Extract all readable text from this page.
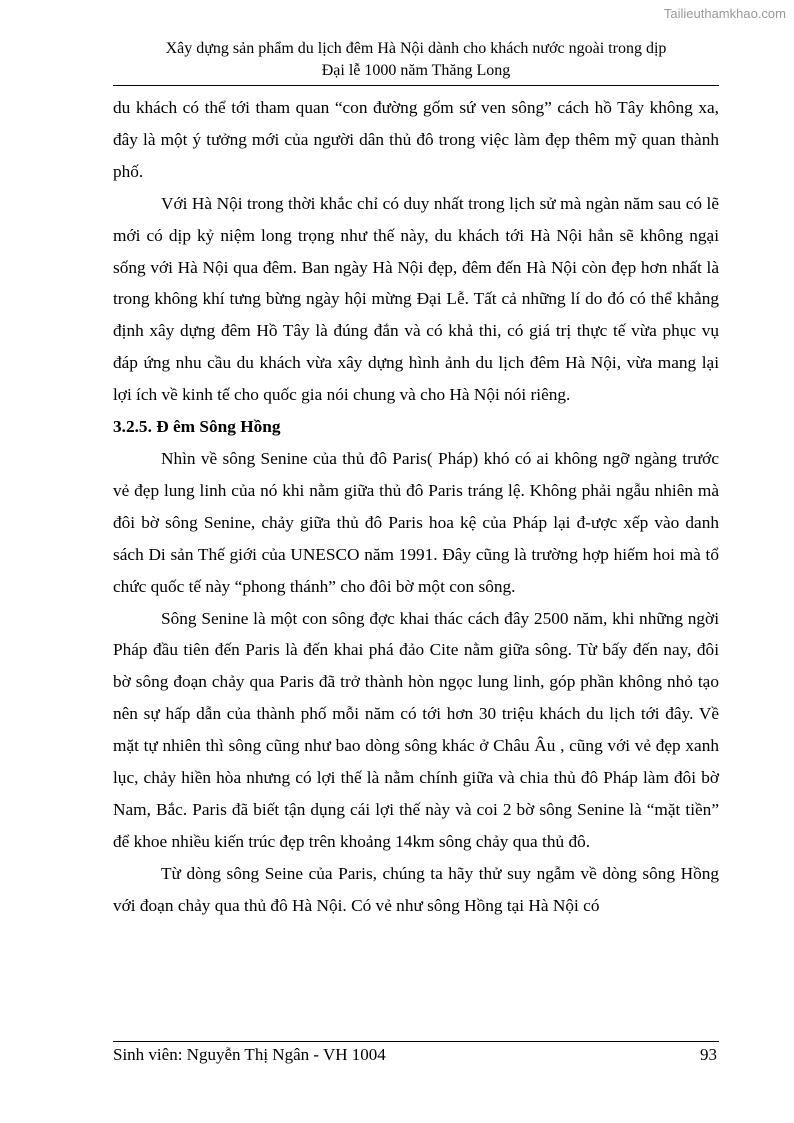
Tailieuthamkhao.com
Xây dựng sản phẩm du lịch đêm Hà Nội dành cho khách nước ngoài trong dịp
Đại lễ 1000 năm Thăng Long

du khách có thể tới tham quan “con đường gốm sứ ven sông” cách hồ Tây không xa, đây là một ý tưởng mới của người dân thủ đô trong việc làm đẹp thêm mỹ quan thành phố.

Với Hà Nội trong thời khắc chỉ có duy nhất trong lịch sử mà ngàn năm sau có lẽ mới có dịp kỷ niệm long trọng như thế này, du khách tới Hà Nội hẳn sẽ không ngại sống với Hà Nội qua đêm. Ban ngày Hà Nội đẹp, đêm đến Hà Nội còn đẹp hơn nhất là trong không khí tưng bừng ngày hội mừng Đại Lễ. Tất cả những lí do đó có thể khẳng định xây dựng đêm Hồ Tây là đúng đắn và có khả thi, có giá trị thực tế vừa phục vụ đáp ứng nhu cầu du khách vừa xây dựng hình ảnh du lịch đêm Hà Nội, vừa mang lại lợi ích về kinh tế cho quốc gia nói chung và cho Hà Nội nói riêng.

3.2.5. Đ êm Sông Hồng

Nhìn về sông Senine của thủ đô Paris( Pháp) khó có ai không ngỡ ngàng trước vẻ đẹp lung linh của nó khi nằm giữa thủ đô Paris tráng lệ. Không phải ngẫu nhiên mà đôi bờ sông Senine, chảy giữa thủ đô Paris hoa kệ của Pháp lại đ-ược xếp vào danh sách Di sản Thế giới của UNESCO năm 1991. Đây cũng là trường hợp hiếm hoi mà tổ chức quốc tế này “phong thánh” cho đôi bờ một con sông.

Sông Senine là một con sông đợc khai thác cách đây 2500 năm, khi những ngời Pháp đầu tiên đến Paris là đến khai phá đảo Cite nằm giữa sông. Từ bấy đến nay, đôi bờ sông đoạn chảy qua Paris đã trở thành hòn ngọc lung linh, góp phần không nhỏ tạo nên sự hấp dẫn của thành phố mỗi năm có tới hơn 30 triệu khách du lịch tới đây. Về mặt tự nhiên thì sông cũng như bao dòng sông khác ở Châu Âu , cũng với vẻ đẹp xanh lục, chảy hiền hòa nhưng có lợi thế là nằm chính giữa và chia thủ đô Pháp làm đôi bờ Nam, Bắc. Paris đã biết tận dụng cái lợi thế này và coi 2 bờ sông Senine là “mặt tiền” để khoe nhiều kiến trúc đẹp trên khoảng 14km sông chảy qua thủ đô.

Từ dòng sông Seine của Paris, chúng ta hãy thử suy ngẫm về dòng sông Hồng với đoạn chảy qua thủ đô Hà Nội. Có vẻ như sông Hồng tại Hà Nội có

Sinh viên: Nguyễn Thị Ngân - VH 1004	93
